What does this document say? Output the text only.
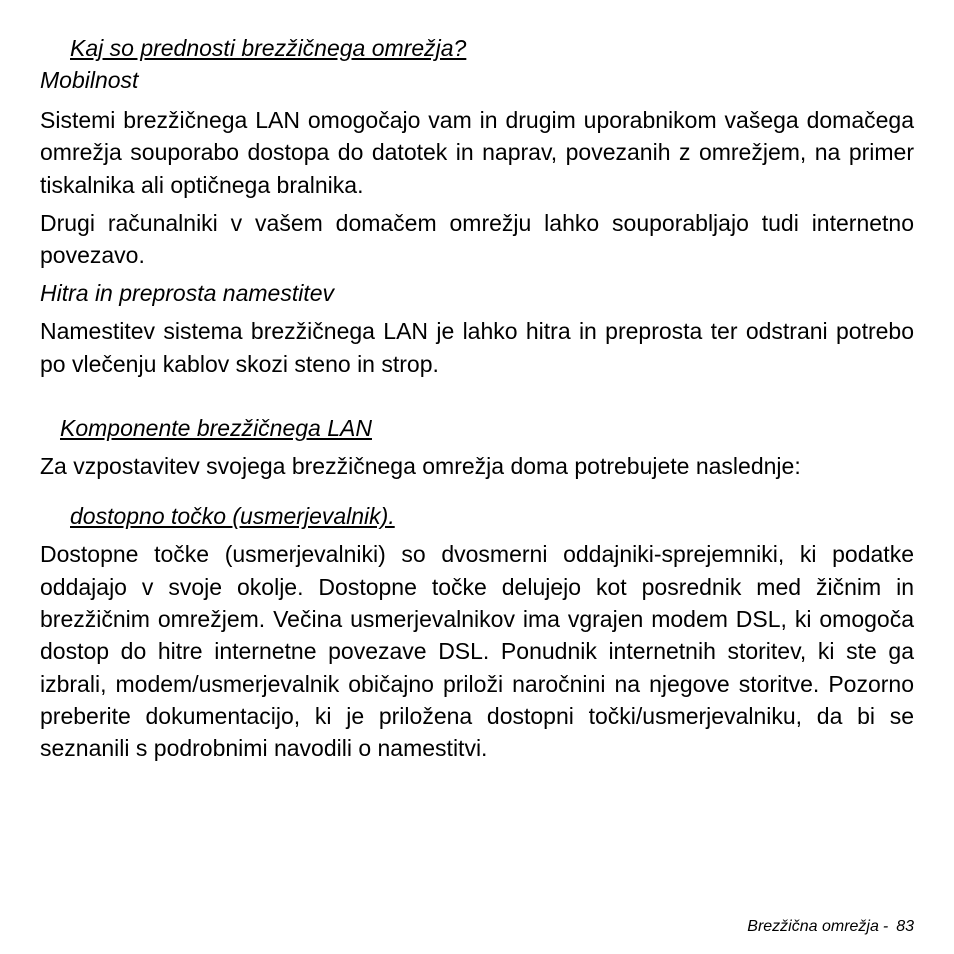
Kaj so prednosti brezžičnega omrežja?

Mobilnost

Sistemi brezžičnega LAN omogočajo vam in drugim uporabnikom vašega domačega omrežja souporabo dostopa do datotek in naprav, povezanih z omrežjem, na primer tiskalnika ali optičnega bralnika.

Drugi računalniki v vašem domačem omrežju lahko souporabljajo tudi internetno povezavo.

Hitra in preprosta namestitev

Namestitev sistema brezžičnega LAN je lahko hitra in preprosta ter odstrani potrebo po vlečenju kablov skozi steno in strop.

Komponente brezžičnega LAN

Za vzpostavitev svojega brezžičnega omrežja doma potrebujete naslednje:

dostopno točko (usmerjevalnik).

Dostopne točke (usmerjevalniki) so dvosmerni oddajniki-sprejemniki, ki podatke oddajajo v svoje okolje. Dostopne točke delujejo kot posrednik med žičnim in brezžičnim omrežjem. Večina usmerjevalnikov ima vgrajen modem DSL, ki omogoča dostop do hitre internetne povezave DSL. Ponudnik internetnih storitev, ki ste ga izbrali, modem/usmerjevalnik običajno priloži naročnini na njegove storitve. Pozorno preberite dokumentacijo, ki je priložena dostopni točki/usmerjevalniku, da bi se seznanili s podrobnimi navodili o namestitvi.

Brezžična omrežja - 83
